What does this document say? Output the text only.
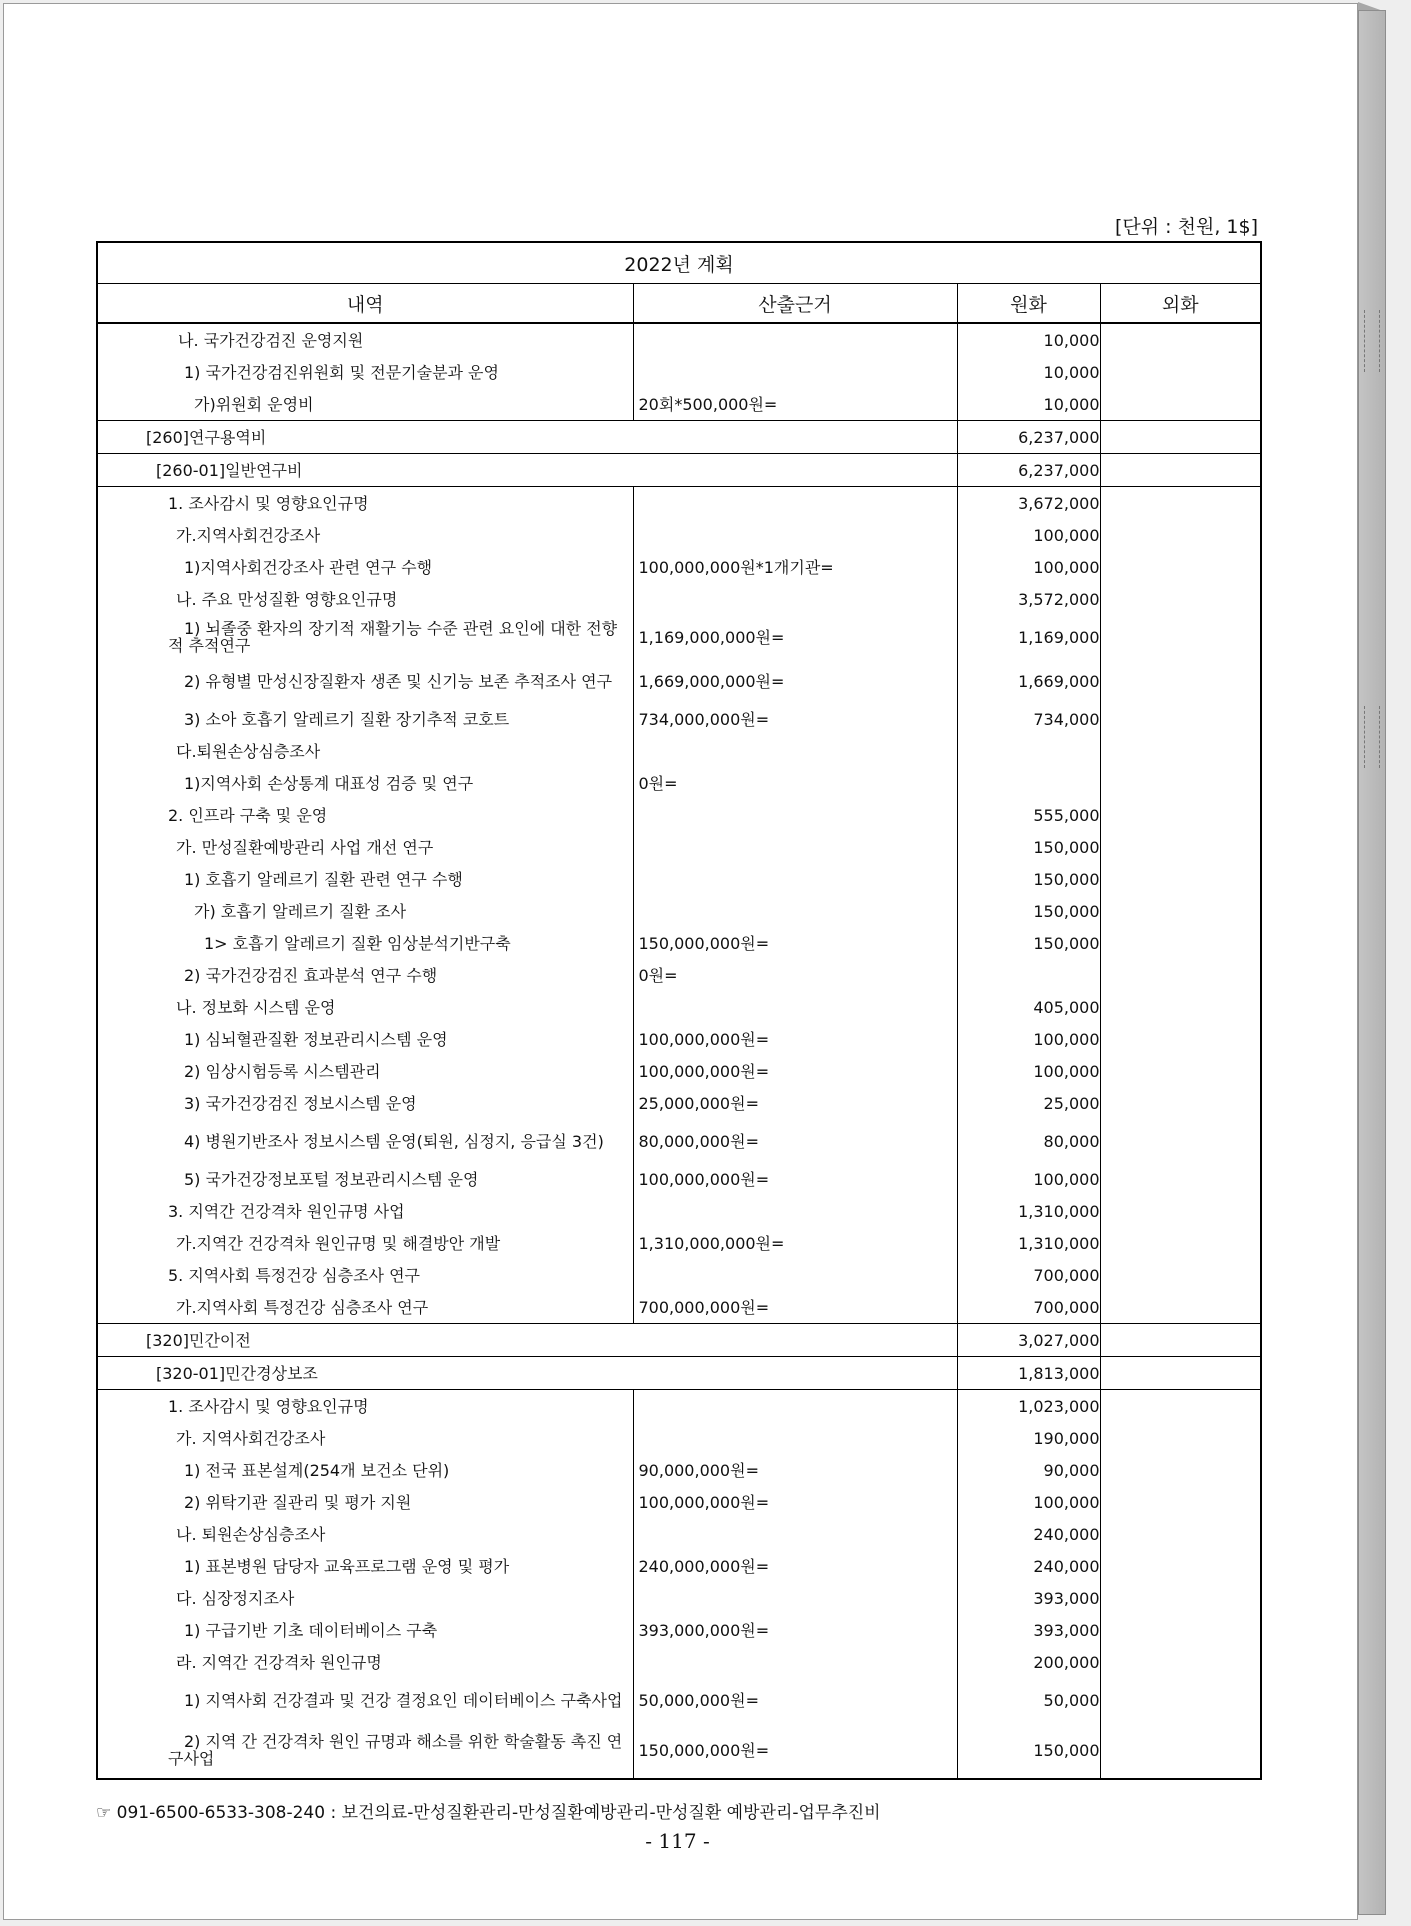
[단위 : 천원, 1$]
2022년 계획			
내역	산출근거	원화	외화
나. 국가건강검진 운영지원		10,000	
1) 국가건강검진위원회 및 전문기술분과 운영		10,000	
가)위원회 운영비	20회*500,000원=	10,000	
[260]연구용역비		6,237,000	
[260-01]일반연구비		6,237,000	
1. 조사감시 및 영향요인규명		3,672,000	
가.지역사회건강조사		100,000	
1)지역사회건강조사 관련 연구 수행	100,000,000원*1개기관=	100,000	
나. 주요 만성질환 영향요인규명		3,572,000	
1) 뇌졸중 환자의 장기적 재활기능 수준 관련 요인에 대한 전향적 추적연구	1,169,000,000원=	1,169,000	
2) 유형별 만성신장질환자 생존 및 신기능 보존 추적조사 연구	1,669,000,000원=	1,669,000	
3) 소아 호흡기 알레르기 질환 장기추적 코호트	734,000,000원=	734,000	
다.퇴원손상심층조사			
1)지역사회 손상통계 대표성 검증 및 연구	0원=		
2. 인프라 구축 및 운영		555,000	
가. 만성질환예방관리 사업 개선 연구		150,000	
1) 호흡기 알레르기 질환 관련 연구 수행		150,000	
가) 호흡기 알레르기 질환 조사		150,000	
1> 호흡기 알레르기 질환 임상분석기반구축	150,000,000원=	150,000	
2) 국가건강검진 효과분석 연구 수행	0원=		
나. 정보화 시스템 운영		405,000	
1) 심뇌혈관질환 정보관리시스템 운영	100,000,000원=	100,000	
2) 임상시험등록 시스템관리	100,000,000원=	100,000	
3) 국가건강검진 정보시스템 운영	25,000,000원=	25,000	
4) 병원기반조사 정보시스템 운영(퇴원, 심정지, 응급실 3건)	80,000,000원=	80,000	
5) 국가건강정보포털 정보관리시스템 운영	100,000,000원=	100,000	
3. 지역간 건강격차 원인규명 사업		1,310,000	
가.지역간 건강격차 원인규명 및 해결방안 개발	1,310,000,000원=	1,310,000	
5. 지역사회 특정건강 심층조사 연구		700,000	
가.지역사회 특정건강 심층조사 연구	700,000,000원=	700,000	
[320]민간이전		3,027,000	
[320-01]민간경상보조		1,813,000	
1. 조사감시 및 영향요인규명		1,023,000	
가. 지역사회건강조사		190,000	
1) 전국 표본설계(254개 보건소 단위)	90,000,000원=	90,000	
2) 위탁기관 질관리 및 평가 지원	100,000,000원=	100,000	
나. 퇴원손상심층조사		240,000	
1) 표본병원 담당자 교육프로그램 운영 및 평가	240,000,000원=	240,000	
다. 심장정지조사		393,000	
1) 구급기반 기초 데이터베이스 구축	393,000,000원=	393,000	
라. 지역간 건강격차 원인규명		200,000	
1) 지역사회 건강결과 및 건강 결정요인 데이터베이스 구축사업	50,000,000원=	50,000	
2) 지역 간 건강격차 원인 규명과 해소를 위한 학술활동 촉진 연구사업	150,000,000원=	150,000	
☞ 091-6500-6533-308-240 : 보건의료-만성질환관리-만성질환예방관리-만성질환 예방관리-업무추진비
- 117 -
